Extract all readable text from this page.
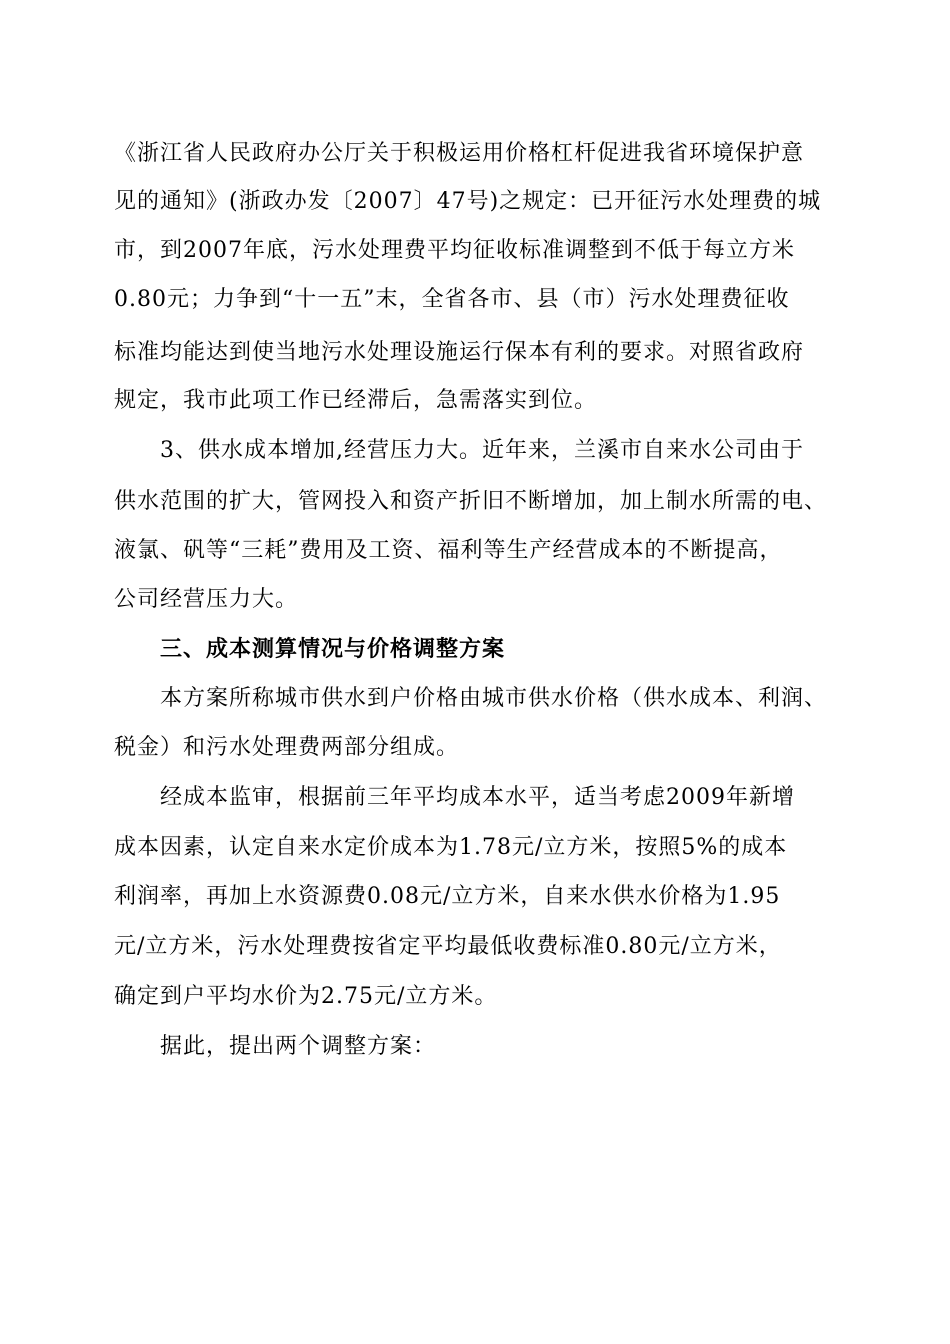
《浙江省人民政府办公厅关于积极运用价格杠杆促进我省环境保护意
见的通知》(浙政办发〔2007〕47号)之规定：已开征污水处理费的城
市，到2007年底，污水处理费平均征收标准调整到不低于每立方米
0.80元；力争到“十一五”末，全省各市、县（市）污水处理费征收
标准均能达到使当地污水处理设施运行保本有利的要求。对照省政府
规定，我市此项工作已经滞后，急需落实到位。
3、供水成本增加,经营压力大。近年来，兰溪市自来水公司由于
供水范围的扩大，管网投入和资产折旧不断增加，加上制水所需的电、
液氯、矾等“三耗”费用及工资、福利等生产经营成本的不断提高，
公司经营压力大。
三、成本测算情况与价格调整方案
本方案所称城市供水到户价格由城市供水价格（供水成本、利润、
税金）和污水处理费两部分组成。
经成本监审，根据前三年平均成本水平，适当考虑2009年新增
成本因素，认定自来水定价成本为1.78元/立方米，按照5%的成本
利润率，再加上水资源费0.08元/立方米，自来水供水价格为1.95
元/立方米，污水处理费按省定平均最低收费标准0.80元/立方米，
确定到户平均水价为2.75元/立方米。
据此，提出两个调整方案：
